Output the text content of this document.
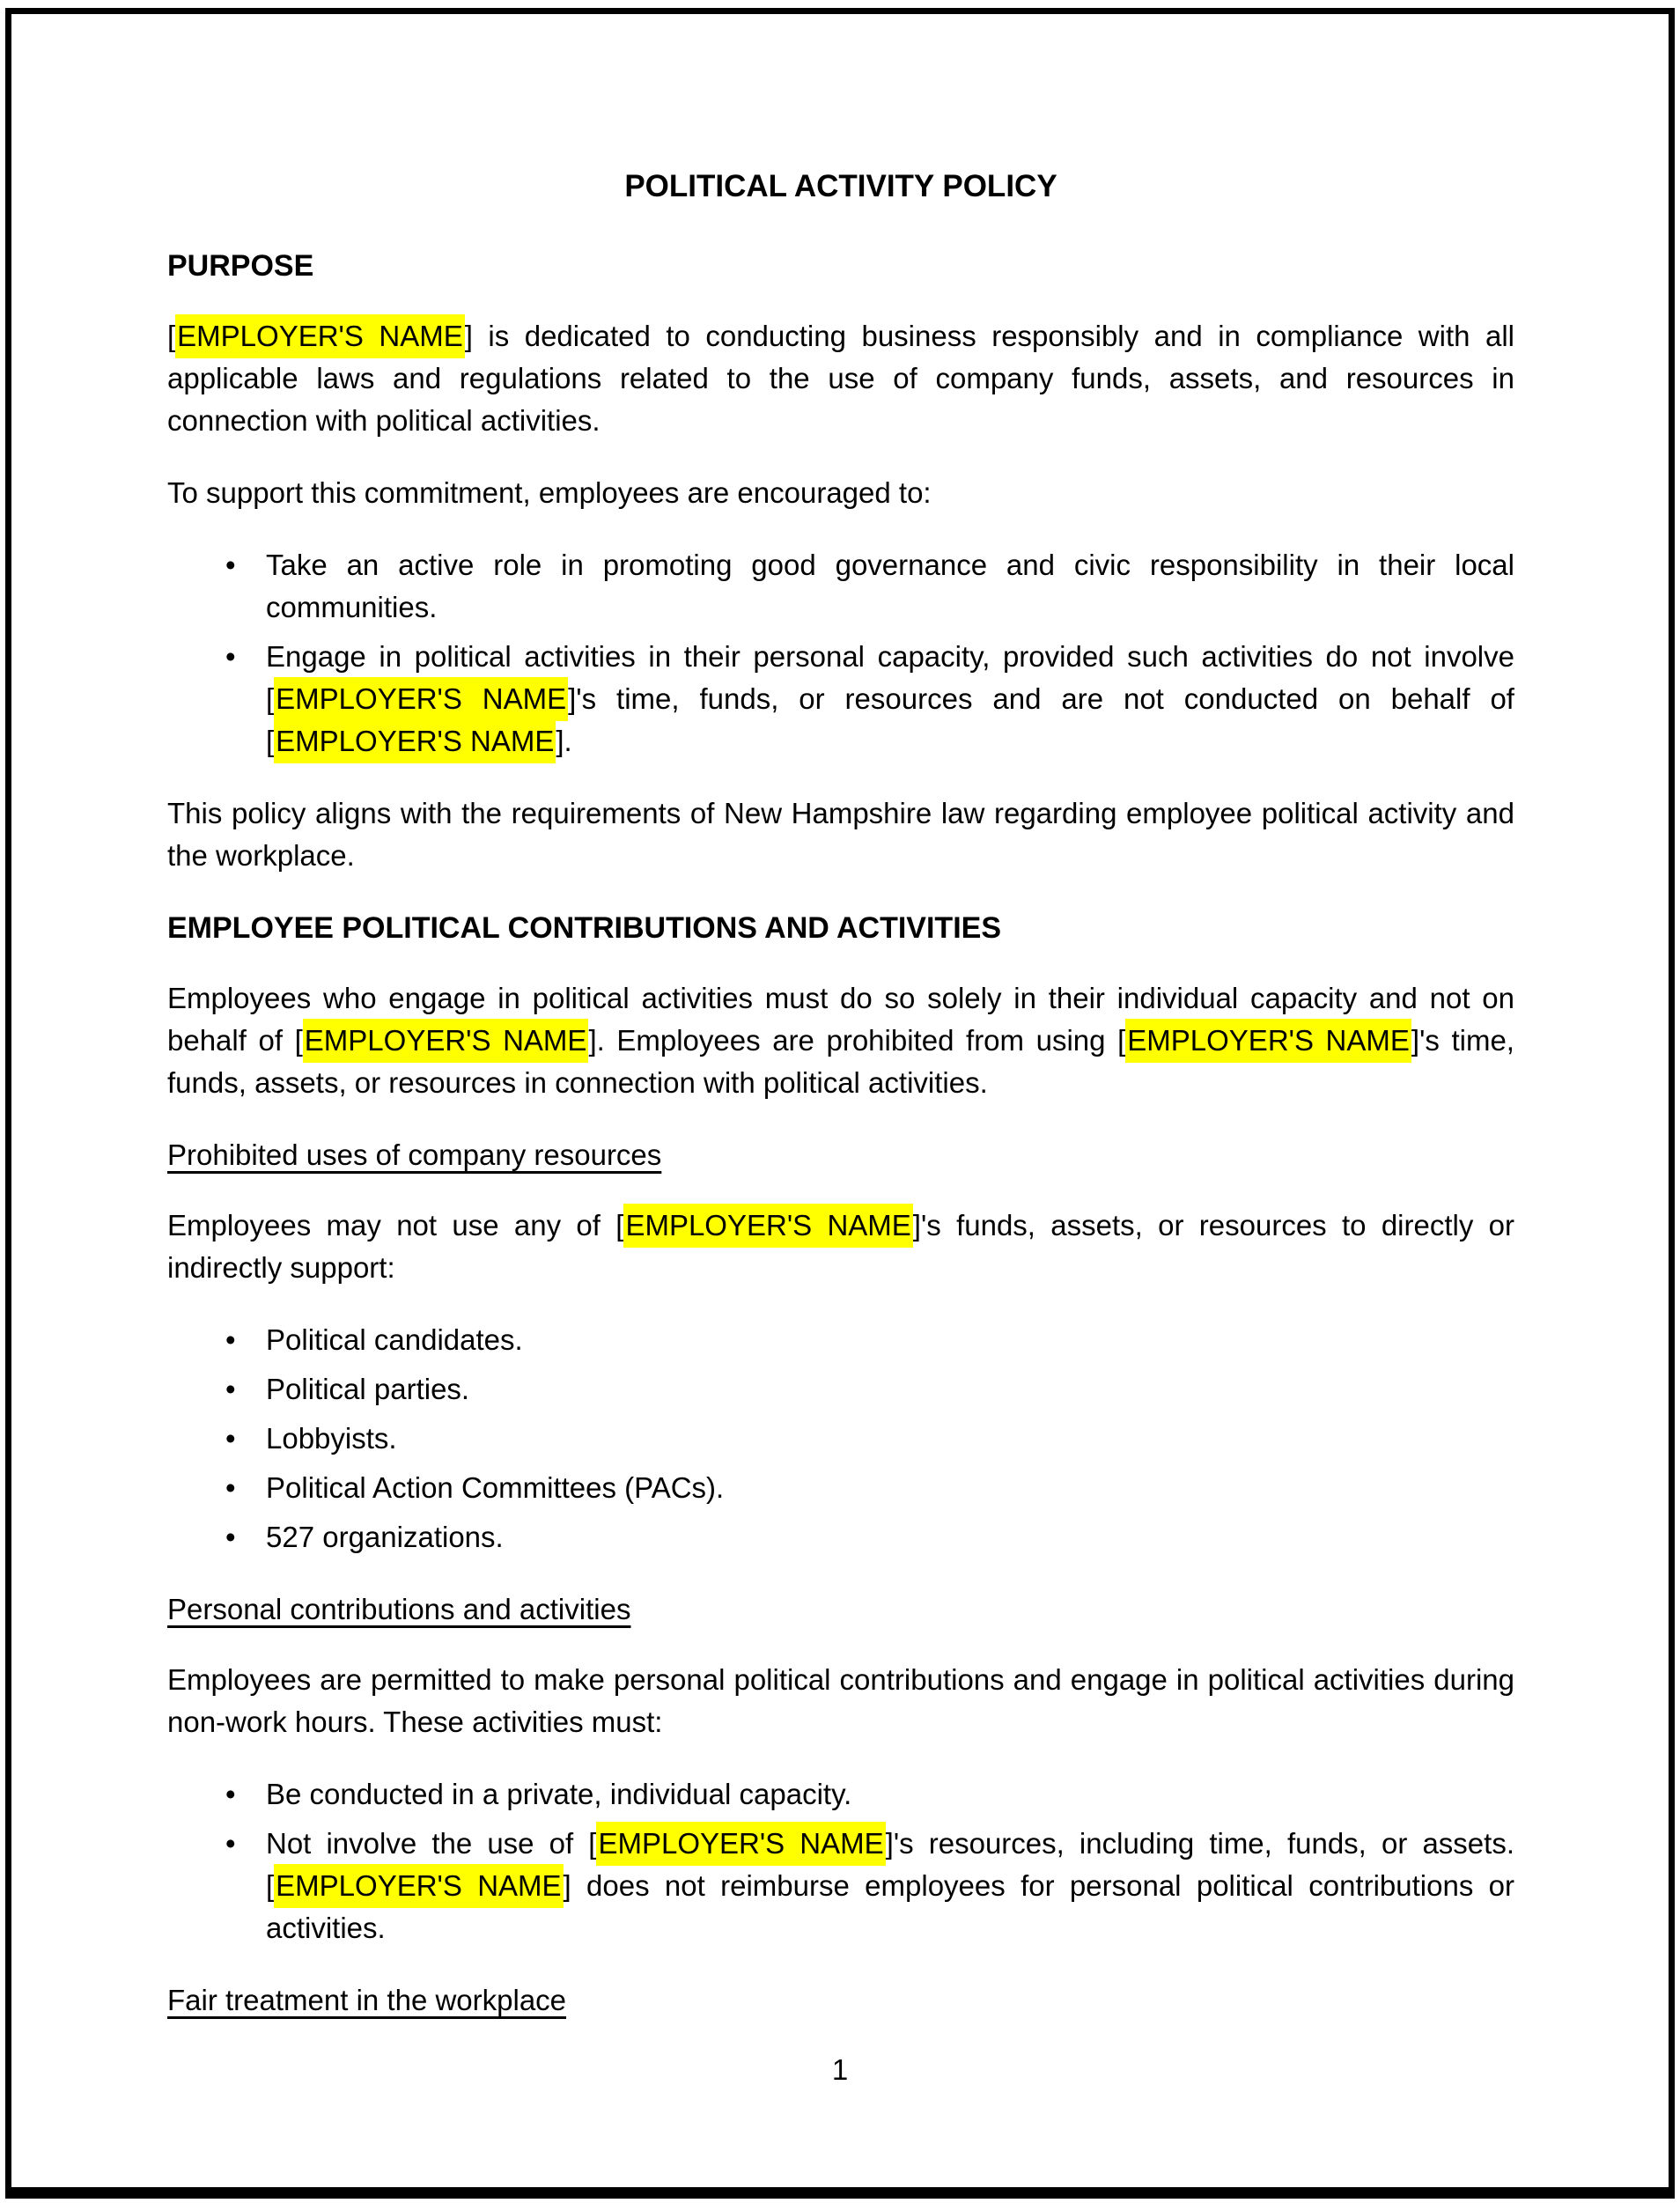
POLITICAL ACTIVITY POLICY
PURPOSE

[EMPLOYER'S NAME] is dedicated to conducting business responsibly and in compliance with all applicable laws and regulations related to the use of company funds, assets, and resources in connection with political activities.

To support this commitment, employees are encouraged to:

• Take an active role in promoting good governance and civic responsibility in their local communities.
• Engage in political activities in their personal capacity, provided such activities do not involve [EMPLOYER'S NAME]'s time, funds, or resources and are not conducted on behalf of [EMPLOYER'S NAME].

This policy aligns with the requirements of New Hampshire law regarding employee political activity and the workplace.

EMPLOYEE POLITICAL CONTRIBUTIONS AND ACTIVITIES

Employees who engage in political activities must do so solely in their individual capacity and not on behalf of [EMPLOYER'S NAME]. Employees are prohibited from using [EMPLOYER'S NAME]'s time, funds, assets, or resources in connection with political activities.

Prohibited uses of company resources

Employees may not use any of [EMPLOYER'S NAME]'s funds, assets, or resources to directly or indirectly support:

• Political candidates.
• Political parties.
• Lobbyists.
• Political Action Committees (PACs).
• 527 organizations.
Personal contributions and activities

Employees are permitted to make personal political contributions and engage in political activities during non-work hours. These activities must:

• Be conducted in a private, individual capacity.
• Not involve the use of [EMPLOYER'S NAME]'s resources, including time, funds, or assets. [EMPLOYER'S NAME] does not reimburse employees for personal political contributions or activities.
Fair treatment in the workplace
1
